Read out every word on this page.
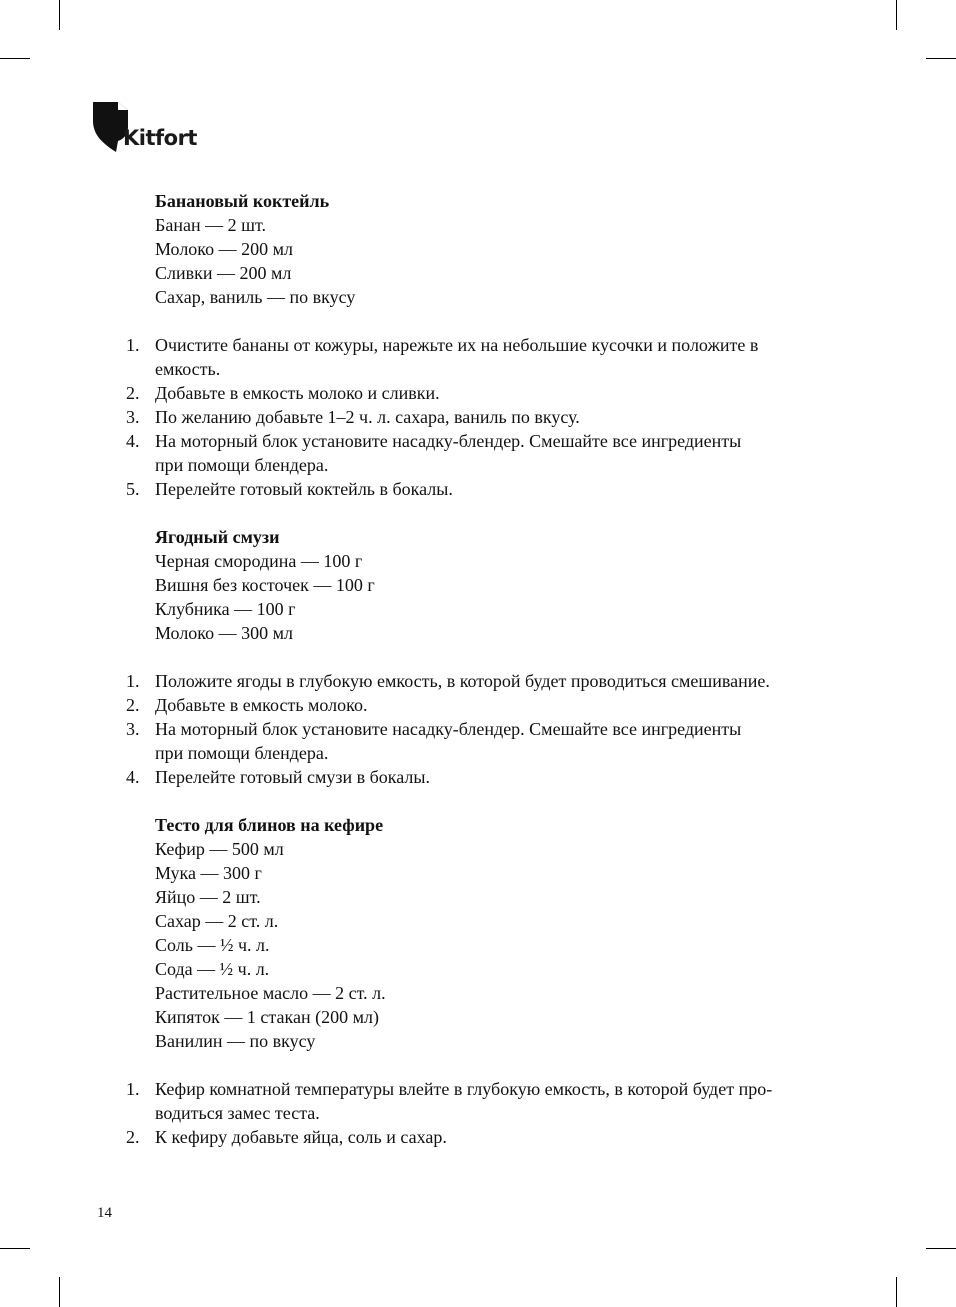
Kitfort
Банановый коктейль
Банан — 2 шт.
Молоко — 200 мл
Сливки — 200 мл
Сахар, ваниль — по вкусу
1. Очистите бананы от кожуры, нарежьте их на небольшие кусочки и положите в
емкость.
2. Добавьте в емкость молоко и сливки.
3. По желанию добавьте 1–2 ч. л. сахара, ваниль по вкусу.
4. На моторный блок установите насадку-блендер. Смешайте все ингредиенты
при помощи блендера.
5. Перелейте готовый коктейль в бокалы.
Ягодный смузи
Черная смородина — 100 г
Вишня без косточек — 100 г
Клубника — 100 г
Молоко — 300 мл
1. Положите ягоды в глубокую емкость, в которой будет проводиться смешивание.
2. Добавьте в емкость молоко.
3. На моторный блок установите насадку-блендер. Смешайте все ингредиенты
при помощи блендера.
4. Перелейте готовый смузи в бокалы.
Тесто для блинов на кефире
Кефир — 500 мл
Мука — 300 г
Яйцо — 2 шт.
Сахар — 2 ст. л.
Соль — ½ ч. л.
Сода — ½ ч. л.
Растительное масло — 2 ст. л.
Кипяток — 1 стакан (200 мл)
Ванилин — по вкусу
1. Кефир комнатной температуры влейте в глубокую емкость, в которой будет про-
водиться замес теста.
2. К кефиру добавьте яйца, соль и сахар.
14
